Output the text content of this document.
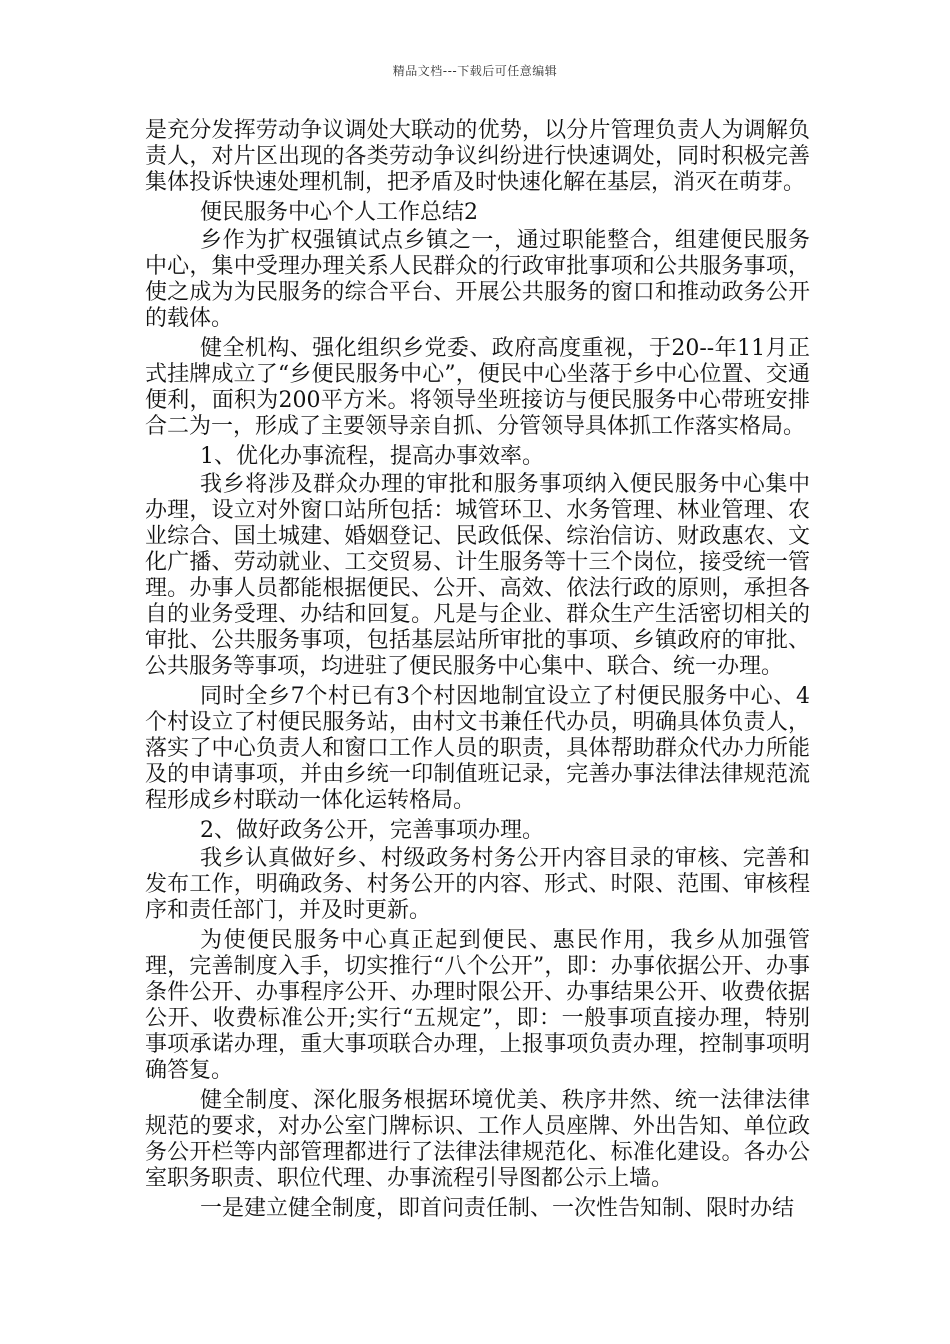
精品文档---下载后可任意编辑

是充分发挥劳动争议调处大联动的优势，以分片管理负责人为调解负责人，对片区出现的各类劳动争议纠纷进行快速调处，同时积极完善集体投诉快速处理机制，把矛盾及时快速化解在基层，消灭在萌芽。

便民服务中心个人工作总结2

乡作为扩权强镇试点乡镇之一，通过职能整合，组建便民服务中心，集中受理办理关系人民群众的行政审批事项和公共服务事项，使之成为为民服务的综合平台、开展公共服务的窗口和推动政务公开的载体。

健全机构、强化组织乡党委、政府高度重视，于20--年11月正式挂牌成立了“乡便民服务中心”，便民中心坐落于乡中心位置、交通便利，面积为200平方米。将领导坐班接访与便民服务中心带班安排合二为一，形成了主要领导亲自抓、分管领导具体抓工作落实格局。

1、优化办事流程，提高办事效率。

我乡将涉及群众办理的审批和服务事项纳入便民服务中心集中办理，设立对外窗口站所包括：城管环卫、水务管理、林业管理、农业综合、国土城建、婚姻登记、民政低保、综治信访、财政惠农、文化广播、劳动就业、工交贸易、计生服务等十三个岗位，接受统一管理。办事人员都能根据便民、公开、高效、依法行政的原则，承担各自的业务受理、办结和回复。凡是与企业、群众生产生活密切相关的审批、公共服务事项，包括基层站所审批的事项、乡镇政府的审批、公共服务等事项，均进驻了便民服务中心集中、联合、统一办理。

同时全乡7个村已有3个村因地制宜设立了村便民服务中心、4个村设立了村便民服务站，由村文书兼任代办员，明确具体负责人，落实了中心负责人和窗口工作人员的职责，具体帮助群众代办力所能及的申请事项，并由乡统一印制值班记录，完善办事法律法律规范流程形成乡村联动一体化运转格局。

2、做好政务公开，完善事项办理。

我乡认真做好乡、村级政务村务公开内容目录的审核、完善和发布工作，明确政务、村务公开的内容、形式、时限、范围、审核程序和责任部门，并及时更新。

为使便民服务中心真正起到便民、惠民作用，我乡从加强管理，完善制度入手，切实推行“八个公开”，即：办事依据公开、办事条件公开、办事程序公开、办理时限公开、办事结果公开、收费依据公开、收费标准公开;实行“五规定”，即：一般事项直接办理，特别事项承诺办理，重大事项联合办理，上报事项负责办理，控制事项明确答复。

健全制度、深化服务根据环境优美、秩序井然、统一法律法律规范的要求，对办公室门牌标识、工作人员座牌、外出告知、单位政务公开栏等内部管理都进行了法律法律规范化、标准化建设。各办公室职务职责、职位代理、办事流程引导图都公示上墙。

一是建立健全制度，即首问责任制、一次性告知制、限时办结
